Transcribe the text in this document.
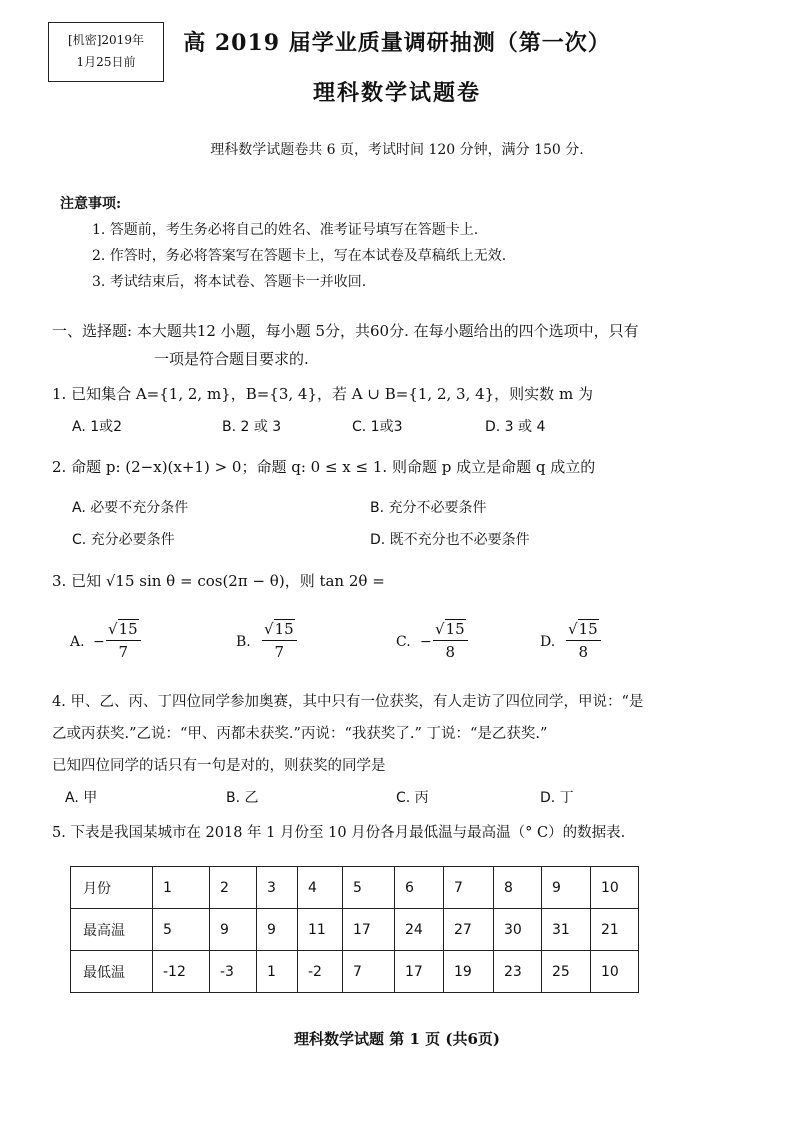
[机密]2019年
1月25日前
高 2019 届学业质量调研抽测（第一次）
理科数学试题卷
理科数学试题卷共 6 页，考试时间 120 分钟，满分 150 分.
注意事项:
1. 答题前，考生务必将自己的姓名、准考证号填写在答题卡上.
2. 作答时，务必将答案写在答题卡上，写在本试卷及草稿纸上无效.
3. 考试结束后，将本试卷、答题卡一并收回.
一、选择题: 本大题共12 小题，每小题 5分，共60分. 在每小题给出的四个选项中，只有
一项是符合题目要求的.
1. 已知集合 A={1, 2, m}，B={3, 4}，若 A ∪ B={1, 2, 3, 4}，则实数 m 为
A. 1或2	B. 2 或 3	C. 1或3	D. 3 或 4
2. 命题 p: (2−x)(x+1) > 0；命题 q: 0 ≤ x ≤ 1. 则命题 p 成立是命题 q 成立的
A. 必要不充分条件	B. 充分不必要条件
C. 充分必要条件	D. 既不充分也不必要条件
3. 已知 √15 sin θ = cos(2π − θ)，则 tan 2θ =
A. − $\frac{√15}{7}$	B. $\frac{√15}{7}$	C. − $\frac{√15}{8}$	D. $\frac{√15}{8}$
4. 甲、乙、丙、丁四位同学参加奥赛，其中只有一位获奖，有人走访了四位同学，甲说：“是
乙或丙获奖.”乙说：“甲、丙都未获奖.”丙说：“我获奖了.” 丁说：“是乙获奖.”
已知四位同学的话只有一句是对的，则获奖的同学是
A. 甲	B. 乙	C. 丙	D. 丁
5. 下表是我国某城市在 2018 年 1 月份至 10 月份各月最低温与最高温（° C）的数据表.
月份	1	2	3	4	5	6	7	8	9	10
最高温	5	9	9	11	17	24	27	30	31	21
最低温	-12	-3	1	-2	7	17	19	23	25	10
理科数学试题 第 1 页 (共6页)
